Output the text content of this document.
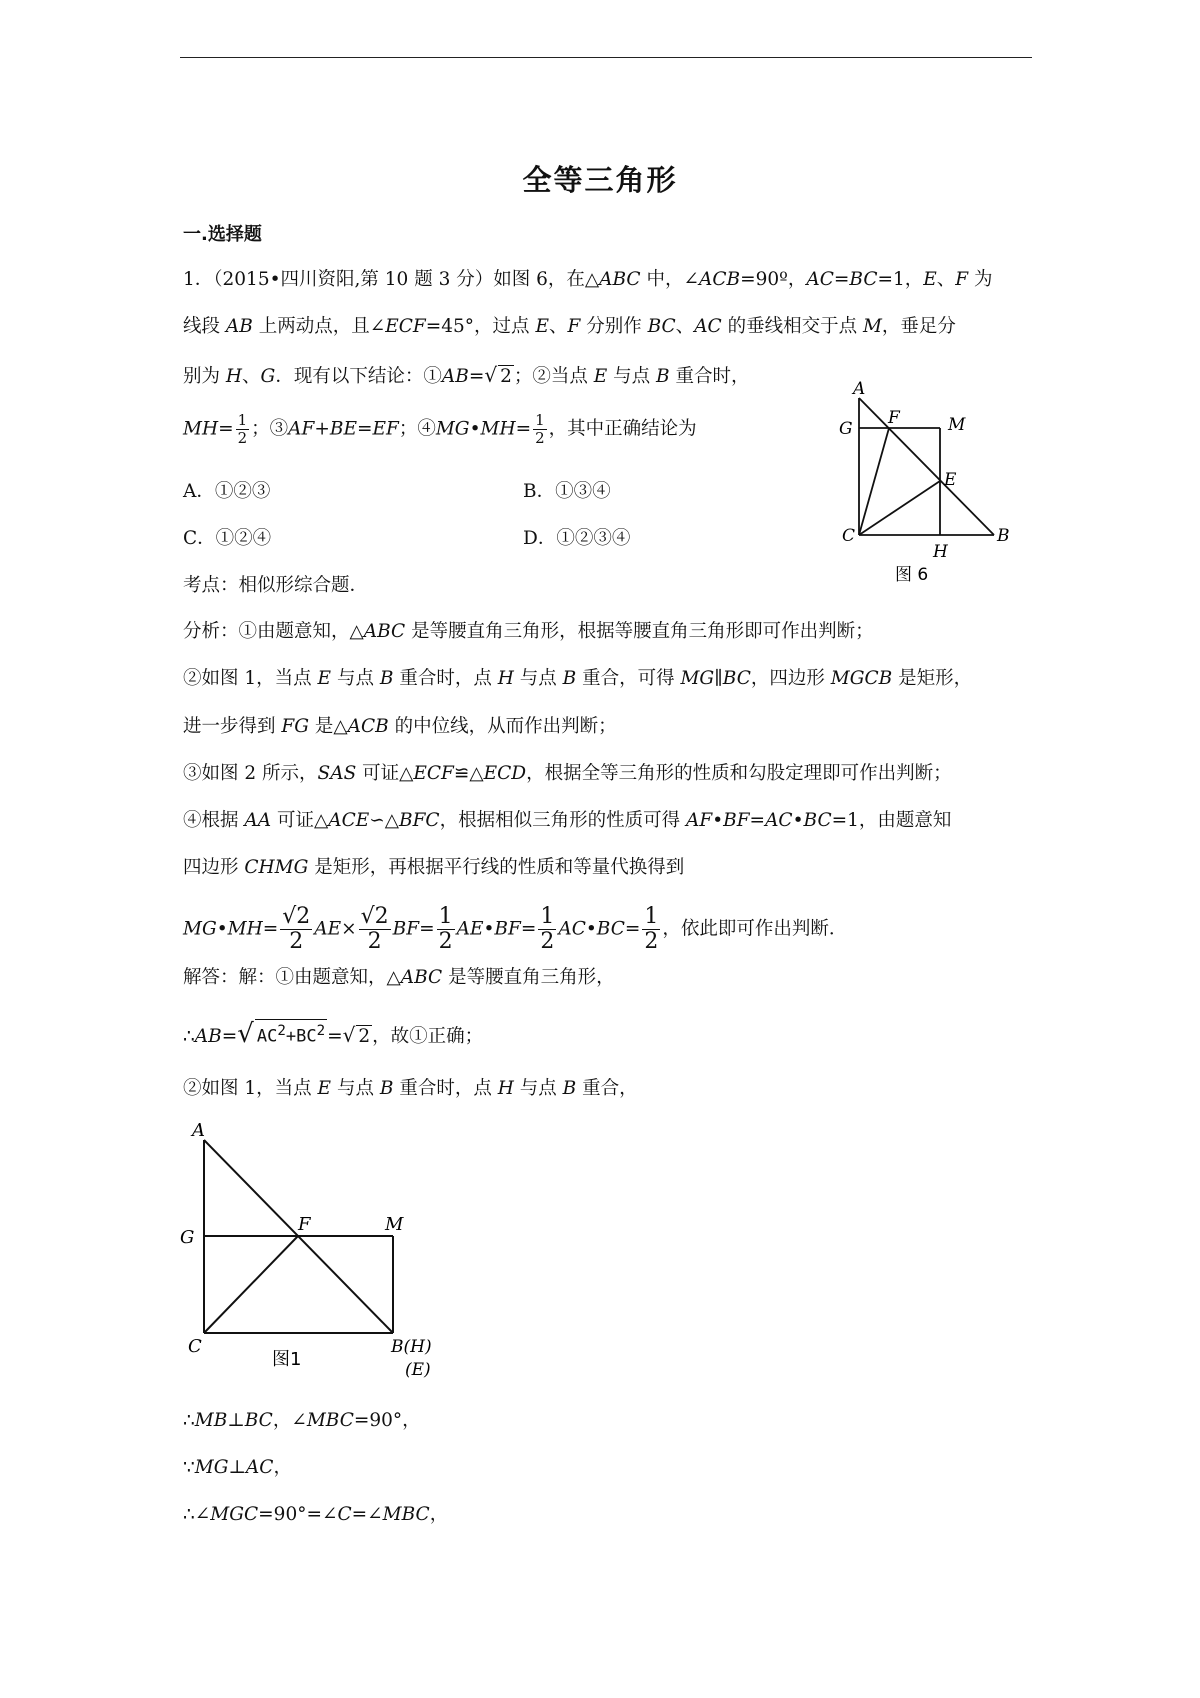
全等三角形
一.选择题
1．（2015•四川资阳,第 10 题 3 分）如图 6，在△ABC 中，∠ACB=90º，AC=BC=1，E、F 为
线段 AB 上两动点，且∠ECF=45°，过点 E、F 分别作 BC、AC 的垂线相交于点 M，垂足分
别为 H、G．现有以下结论：①AB=√ 2 ；②当点 E 与点 B 重合时，
$MH= \frac{1}{2}$ ；③AF+BE=EF；④MG•MH= $\frac{1}{2}$ ，其中正确结论为
A．①②③	B．①③④
C．①②④	D．①②③④
A
F	M
G
E
C
H
B
图 6
考点：相似形综合题．
分析：①由题意知，△ABC 是等腰直角三角形，根据等腰直角三角形即可作出判断；
②如图 1，当点 E 与点 B 重合时，点 H 与点 B 重合，可得 MG∥BC，四边形 MGCB 是矩形，
进一步得到 FG 是△ACB 的中位线，从而作出判断；
③如图 2 所示，SAS 可证△ECF≌△ECD，根据全等三角形的性质和勾股定理即可作出判断；
④根据 AA 可证△ACE∽△BFC，根据相似三角形的性质可得 AF•BF=AC•BC=1，由题意知
四边形 CHMG 是矩形，再根据平行线的性质和等量代换得到
MG•MH= $\frac{√2}{2} AE\times \frac{√2}{2} BF= \frac{1}{2}$ AE•BF= $\frac{1}{2}$ AC•BC= $\frac{1}{2}$ ，依此即可作出判断．
解答：解：①由题意知，△ABC 是等腰直角三角形，
∴AB=√ $AC^2+BC^2$ =√ 2 ，故①正确；
②如图 1，当点 E 与点 B 重合时，点 H 与点 B 重合，
A
F	M
G
C	B(H)
(E)
图1
∴MB⊥BC，∠MBC=90°，
∵MG⊥AC，
∴∠MGC=90°=∠C=∠MBC，
